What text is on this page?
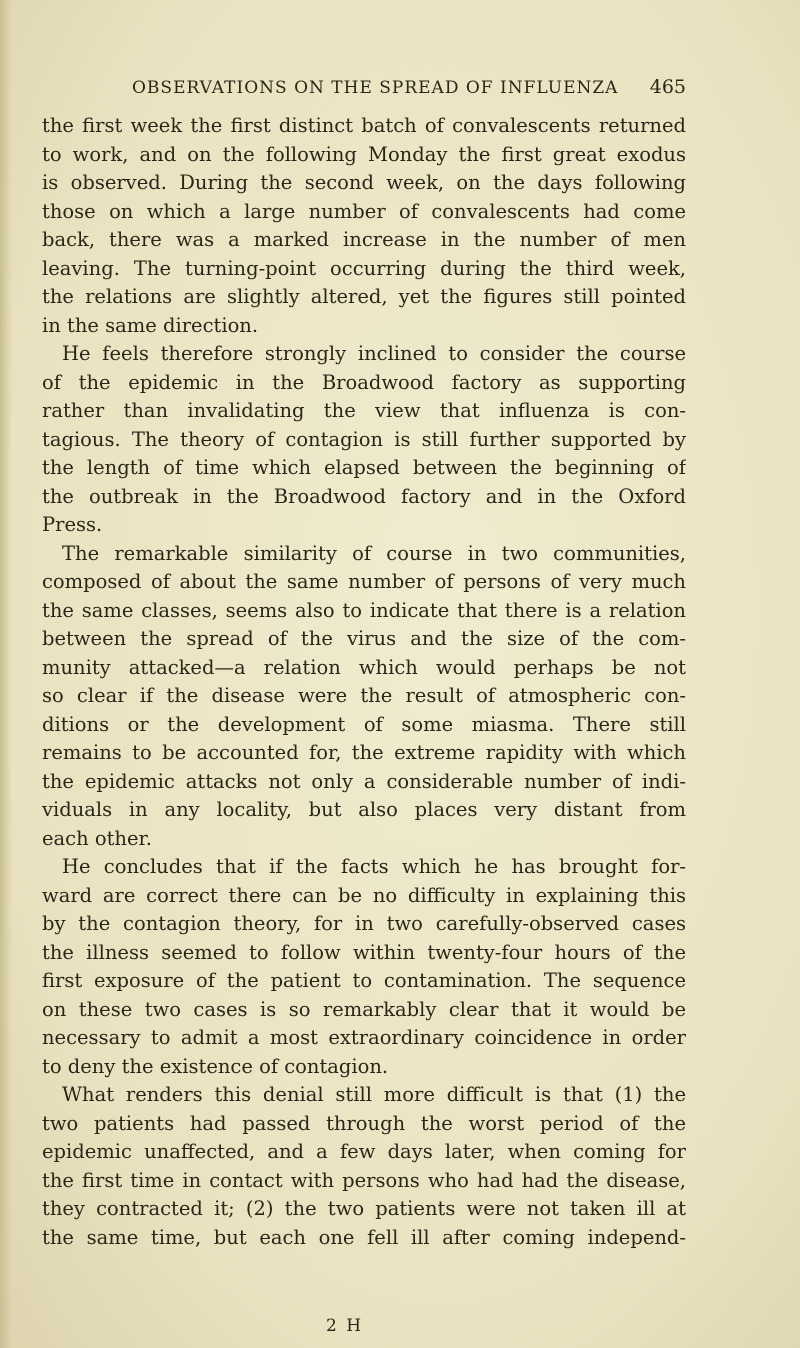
OBSERVATIONS ON THE SPREAD OF INFLUENZA 465
the first week the first distinct batch of convalescents returned
to work, and on the following Monday the first great exodus
is observed. During the second week, on the days following
those on which a large number of convalescents had come
back, there was a marked increase in the number of men
leaving. The turning-point occurring during the third week,
the relations are slightly altered, yet the figures still pointed
in the same direction.
He feels therefore strongly inclined to consider the course
of the epidemic in the Broadwood factory as supporting
rather than invalidating the view that influenza is con-
tagious. The theory of contagion is still further supported by
the length of time which elapsed between the beginning of
the outbreak in the Broadwood factory and in the Oxford
Press.
The remarkable similarity of course in two communities,
composed of about the same number of persons of very much
the same classes, seems also to indicate that there is a relation
between the spread of the virus and the size of the com-
munity attacked—a relation which would perhaps be not
so clear if the disease were the result of atmospheric con-
ditions or the development of some miasma. There still
remains to be accounted for, the extreme rapidity with which
the epidemic attacks not only a considerable number of indi-
viduals in any locality, but also places very distant from
each other.
He concludes that if the facts which he has brought for-
ward are correct there can be no difficulty in explaining this
by the contagion theory, for in two carefully-observed cases
the illness seemed to follow within twenty-four hours of the
first exposure of the patient to contamination. The sequence
on these two cases is so remarkably clear that it would be
necessary to admit a most extraordinary coincidence in order
to deny the existence of contagion.
What renders this denial still more difficult is that (1) the
two patients had passed through the worst period of the
epidemic unaffected, and a few days later, when coming for
the first time in contact with persons who had had the disease,
they contracted it; (2) the two patients were not taken ill at
the same time, but each one fell ill after coming independ-
2 H
